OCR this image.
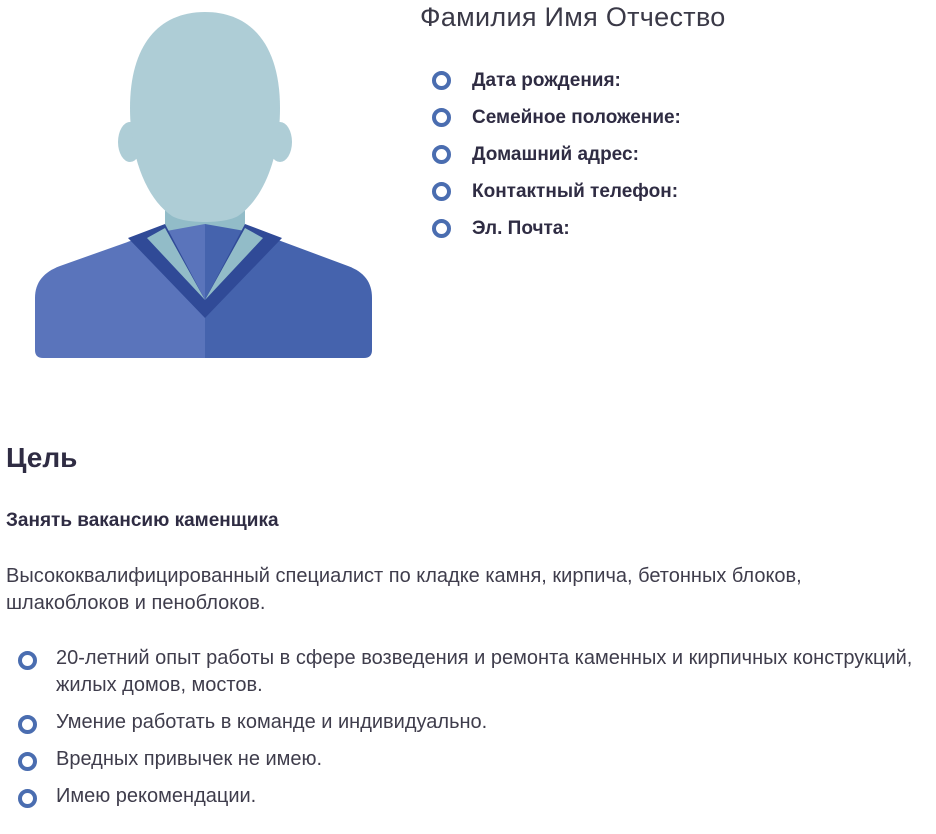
Фамилия Имя Отчество
Дата рождения:
Семейное положение:
Домашний адрес:
Контактный телефон:
Эл. Почта:
Цель

Занять вакансию каменщика

Высококвалифицированный специалист по кладке камня, кирпича, бетонных блоков, шлакоблоков и пеноблоков.

20-летний опыт работы в сфере возведения и ремонта каменных и кирпичных конструкций, жилых домов, мостов.
Умение работать в команде и индивидуально.
Вредных привычек не имею.
Имею рекомендации.
